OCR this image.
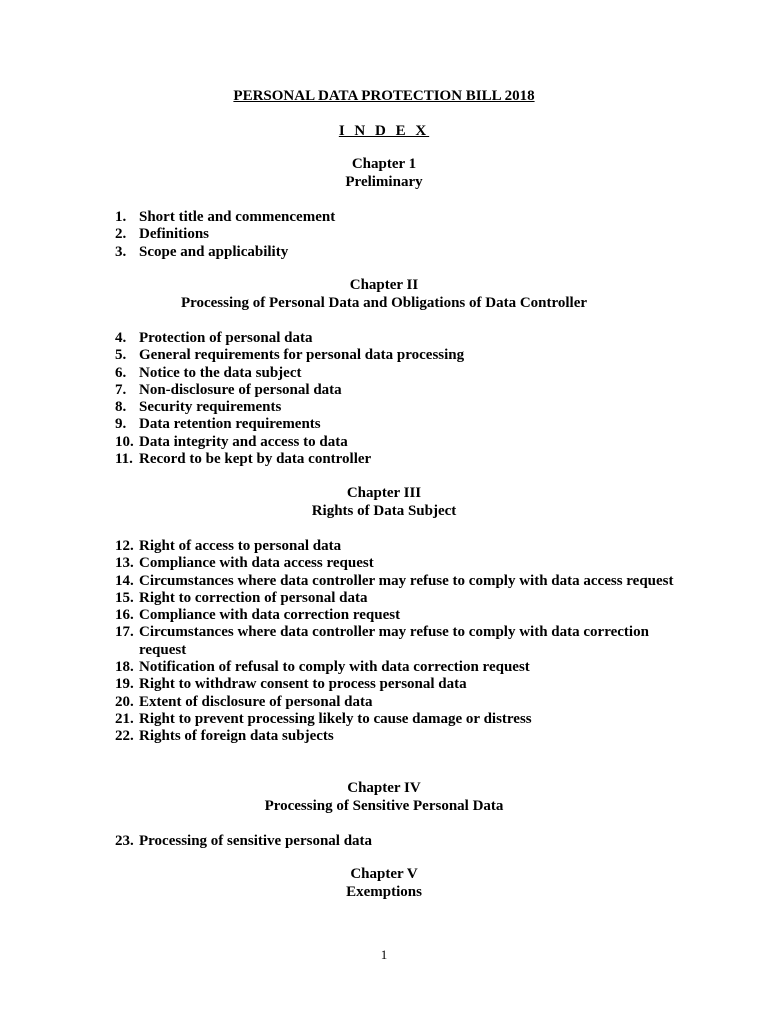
PERSONAL DATA PROTECTION BILL 2018
I N D E X
Chapter 1
Preliminary
1. Short title and commencement
2. Definitions
3. Scope and applicability
Chapter II
Processing of Personal Data and Obligations of Data Controller
4. Protection of personal data
5. General requirements for personal data processing
6. Notice to the data subject
7. Non-disclosure of personal data
8. Security requirements
9. Data retention requirements
10. Data integrity and access to data
11. Record to be kept by data controller
Chapter III
Rights of Data Subject
12. Right of access to personal data
13. Compliance with data access request
14. Circumstances where data controller may refuse to comply with data access request
15. Right to correction of personal data
16. Compliance with data correction request
17. Circumstances where data controller may refuse to comply with data correction request
18. Notification of refusal to comply with data correction request
19. Right to withdraw consent to process personal data
20. Extent of disclosure of personal data
21. Right to prevent processing likely to cause damage or distress
22. Rights of foreign data subjects
Chapter IV
Processing of Sensitive Personal Data
23. Processing of sensitive personal data
Chapter V
Exemptions
1
